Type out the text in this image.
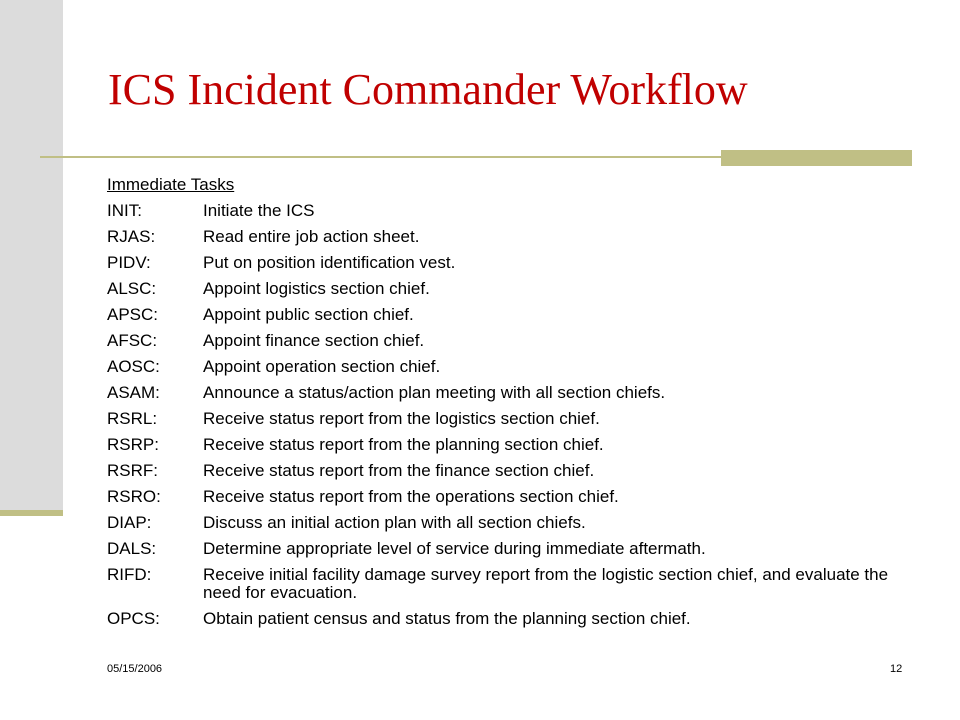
ICS Incident Commander Workflow
Immediate Tasks
INIT:	Initiate the ICS
RJAS:	Read entire job action sheet.
PIDV:	Put on position identification vest.
ALSC:	Appoint logistics section chief.
APSC:	Appoint public section chief.
AFSC:	Appoint finance section chief.
AOSC:	Appoint operation section chief.
ASAM:	Announce a status/action plan meeting with all section chiefs.
RSRL:	Receive status report from the logistics section chief.
RSRP:	Receive status report from the planning section chief.
RSRF:	Receive status report from the finance section chief.
RSRO:	Receive status report from the operations section chief.
DIAP:	Discuss an initial action plan with all section chiefs.
DALS:	Determine appropriate level of service during immediate aftermath.
RIFD:	Receive initial facility damage survey report from the logistic section chief, and evaluate the need for evacuation.
OPCS:	Obtain patient census and status from the planning section chief.
05/15/2006	12
